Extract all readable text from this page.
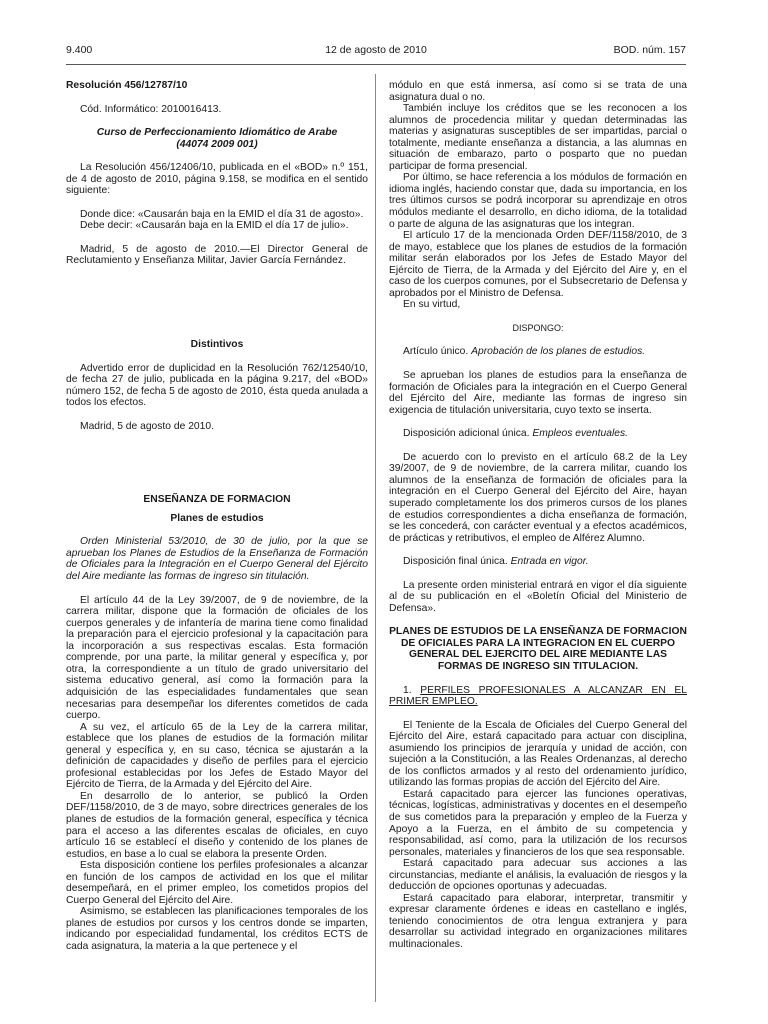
9.400	12 de agosto de 2010	BOD. núm. 157

Resolución 456/12787/10

Cód. Informático: 2010016413.

Curso de Perfeccionamiento Idiomático de Arabe
(44074 2009 001)

La Resolución 456/12406/10, publicada en el «BOD» n.º 151, de 4 de agosto de 2010, página 9.158, se modifica en el sentido siguiente:

Donde dice: «Causarán baja en la EMID el día 31 de agosto».

Debe decir: «Causarán baja en la EMID el día 17 de julio».

Madrid, 5 de agosto de 2010.—El Director General de Reclutamiento y Enseñanza Militar, Javier García Fernández.

Distintivos

Advertido error de duplicidad en la Resolución 762/12540/10, de fecha 27 de julio, publicada en la página 9.217, del «BOD» número 152, de fecha 5 de agosto de 2010, ésta queda anulada a todos los efectos.

Madrid, 5 de agosto de 2010.

ENSEÑANZA DE FORMACION

Planes de estudios

Orden Ministerial 53/2010, de 30 de julio, por la que se aprueban los Planes de Estudios de la Enseñanza de Formación de Oficiales para la Integración en el Cuerpo General del Ejército del Aire mediante las formas de ingreso sin titulación.

El artículo 44 de la Ley 39/2007, de 9 de noviembre, de la carrera militar, dispone que la formación de oficiales de los cuerpos generales y de infantería de marina tiene como finalidad la preparación para el ejercicio profesional y la capacitación para la incorporación a sus respectivas escalas. Esta formación comprende, por una parte, la militar general y específica y, por otra, la correspondiente a un título de grado universitario del sistema educativo general, así como la formación para la adquisición de las especialidades fundamentales que sean necesarias para desempeñar los diferentes cometidos de cada cuerpo.

A su vez, el artículo 65 de la Ley de la carrera militar, establece que los planes de estudios de la formación militar general y específica y, en su caso, técnica se ajustarán a la definición de capacidades y diseño de perfiles para el ejercicio profesional establecidas por los Jefes de Estado Mayor del Ejército de Tierra, de la Armada y del Ejército del Aire.

En desarrollo de lo anterior, se publicó la Orden DEF/1158/2010, de 3 de mayo, sobre directrices generales de los planes de estudios de la formación general, específica y técnica para el acceso a las diferentes escalas de oficiales, en cuyo artículo 16 se establecí el diseño y contenido de los planes de estudios, en base a lo cual se elabora la presente Orden.

Esta disposición contiene los perfiles profesionales a alcanzar en función de los campos de actividad en los que el militar desempeñará, en el primer empleo, los cometidos propios del Cuerpo General del Ejército del Aire.

Asimismo, se establecen las planificaciones temporales de los planes de estudios por cursos y los centros donde se imparten, indicando por especialidad fundamental, los créditos ECTS de cada asignatura, la materia a la que pertenece y el

módulo en que está inmersa, así como si se trata de una asignatura dual o no.

También incluye los créditos que se les reconocen a los alumnos de procedencia militar y quedan determinadas las materias y asignaturas susceptibles de ser impartidas, parcial o totalmente, mediante enseñanza a distancia, a las alumnas en situación de embarazo, parto o posparto que no puedan participar de forma presencial.

Por último, se hace referencia a los módulos de formación en idioma inglés, haciendo constar que, dada su importancia, en los tres últimos cursos se podrá incorporar su aprendizaje en otros módulos mediante el desarrollo, en dicho idioma, de la totalidad o parte de alguna de las asignaturas que los integran.

El artículo 17 de la mencionada Orden DEF/1158/2010, de 3 de mayo, establece que los planes de estudios de la formación militar serán elaborados por los Jefes de Estado Mayor del Ejército de Tierra, de la Armada y del Ejército del Aire y, en el caso de los cuerpos comunes, por el Subsecretario de Defensa y aprobados por el Ministro de Defensa.

En su virtud,

DISPONGO:

Artículo único. Aprobación de los planes de estudios.

Se aprueban los planes de estudios para la enseñanza de formación de Oficiales para la integración en el Cuerpo General del Ejército del Aire, mediante las formas de ingreso sin exigencia de titulación universitaria, cuyo texto se inserta.

Disposición adicional única. Empleos eventuales.

De acuerdo con lo previsto en el artículo 68.2 de la Ley 39/2007, de 9 de noviembre, de la carrera militar, cuando los alumnos de la enseñanza de formación de oficiales para la integración en el Cuerpo General del Ejército del Aire, hayan superado completamente los dos primeros cursos de los planes de estudios correspondientes a dicha enseñanza de formación, se les concederá, con carácter eventual y a efectos académicos, de prácticas y retributivos, el empleo de Alférez Alumno.

Disposición final única. Entrada en vigor.

La presente orden ministerial entrará en vigor el día siguiente al de su publicación en el «Boletín Oficial del Ministerio de Defensa».

PLANES DE ESTUDIOS DE LA ENSEÑANZA DE FORMACION DE OFICIALES PARA LA INTEGRACION EN EL CUERPO GENERAL DEL EJERCITO DEL AIRE MEDIANTE LAS FORMAS DE INGRESO SIN TITULACION.

1. PERFILES PROFESIONALES A ALCANZAR EN EL PRIMER EMPLEO.

El Teniente de la Escala de Oficiales del Cuerpo General del Ejército del Aire, estará capacitado para actuar con disciplina, asumiendo los principios de jerarquía y unidad de acción, con sujeción a la Constitución, a las Reales Ordenanzas, al derecho de los conflictos armados y al resto del ordenamiento jurídico, utilizando las formas propias de acción del Ejército del Aire.

Estará capacitado para ejercer las funciones operativas, técnicas, logísticas, administrativas y docentes en el desempeño de sus cometidos para la preparación y empleo de la Fuerza y Apoyo a la Fuerza, en el ámbito de su competencia y responsabilidad, así como, para la utilización de los recursos personales, materiales y financieros de los que sea responsable.

Estará capacitado para adecuar sus acciones a las circunstancias, mediante el análisis, la evaluación de riesgos y la deducción de opciones oportunas y adecuadas.

Estará capacitado para elaborar, interpretar, transmitir y expresar claramente órdenes e ideas en castellano e inglés, teniendo conocimientos de otra lengua extranjera y para desarrollar su actividad integrado en organizaciones militares multinacionales.
